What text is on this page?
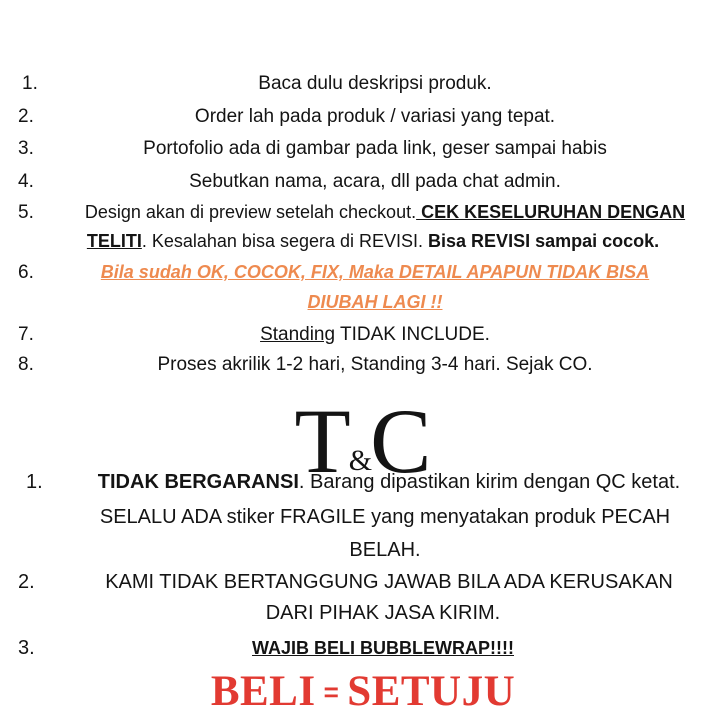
1.	Baca dulu deskripsi produk.
2.	Order lah pada produk / variasi yang tepat.
3.	Portofolio ada di gambar pada link, geser sampai habis
4.	Sebutkan nama, acara, dll pada chat admin.
5.	Design akan di preview setelah checkout. CEK KESELURUHAN DENGAN
TELITI. Kesalahan bisa segera di REVISI. Bisa REVISI sampai cocok.
6.	Bila sudah OK, COCOK, FIX, Maka DETAIL APAPUN TIDAK BISA
DIUBAH LAGI !!
7.	Standing TIDAK INCLUDE.
8.	Proses akrilik 1-2 hari, Standing 3-4 hari. Sejak CO.
T&C
1.	TIDAK BERGARANSI. Barang dipastikan kirim dengan QC ketat.
SELALU ADA stiker FRAGILE yang menyatakan produk PECAH
BELAH.
2.	KAMI TIDAK BERTANGGUNG JAWAB BILA ADA KERUSAKAN
DARI PIHAK JASA KIRIM.
3.	WAJIB BELI BUBBLEWRAP!!!!
BELI = SETUJU
